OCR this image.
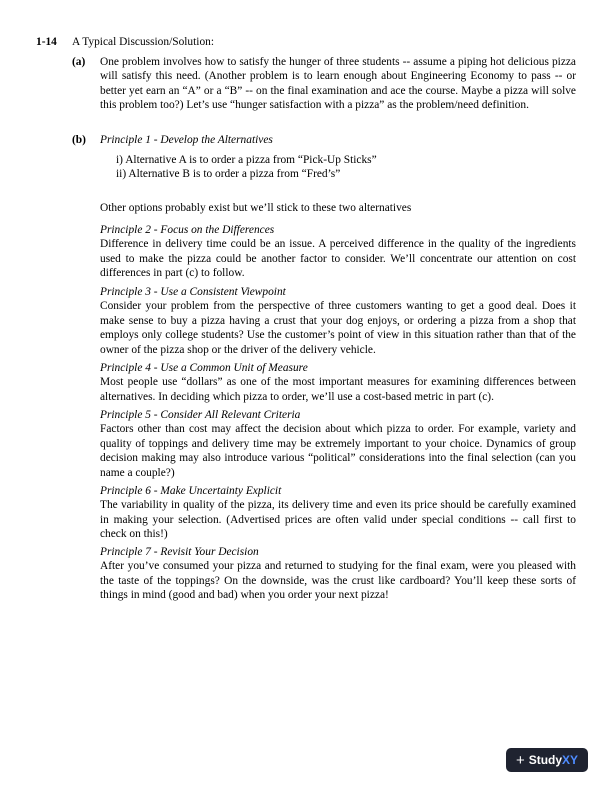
1-14 A Typical Discussion/Solution:
(a) One problem involves how to satisfy the hunger of three students -- assume a piping hot delicious pizza will satisfy this need. (Another problem is to learn enough about Engineering Economy to pass -- or better yet earn an “A” or a “B” -- on the final examination and ace the course. Maybe a pizza will solve this problem too?) Let’s use “hunger satisfaction with a pizza” as the problem/need definition.
(b) Principle 1 - Develop the Alternatives
i) Alternative A is to order a pizza from “Pick-Up Sticks”
ii) Alternative B is to order a pizza from “Fred’s”
Other options probably exist but we’ll stick to these two alternatives
Principle 2 - Focus on the Differences
Difference in delivery time could be an issue. A perceived difference in the quality of the ingredients used to make the pizza could be another factor to consider. We’ll concentrate our attention on cost differences in part (c) to follow.
Principle 3 - Use a Consistent Viewpoint
Consider your problem from the perspective of three customers wanting to get a good deal. Does it make sense to buy a pizza having a crust that your dog enjoys, or ordering a pizza from a shop that employs only college students? Use the customer’s point of view in this situation rather than that of the owner of the pizza shop or the driver of the delivery vehicle.
Principle 4 - Use a Common Unit of Measure
Most people use “dollars” as one of the most important measures for examining differences between alternatives. In deciding which pizza to order, we’ll use a cost-based metric in part (c).
Principle 5 - Consider All Relevant Criteria
Factors other than cost may affect the decision about which pizza to order. For example, variety and quality of toppings and delivery time may be extremely important to your choice. Dynamics of group decision making may also introduce various “political” considerations into the final selection (can you name a couple?)
Principle 6 - Make Uncertainty Explicit
The variability in quality of the pizza, its delivery time and even its price should be carefully examined in making your selection. (Advertised prices are often valid under special conditions -- call first to check on this!)
Principle 7 - Revisit Your Decision
After you’ve consumed your pizza and returned to studying for the final exam, were you pleased with the taste of the toppings? On the downside, was the crust like cardboard? You’ll keep these sorts of things in mind (good and bad) when you order your next pizza!
+ StudyXY
